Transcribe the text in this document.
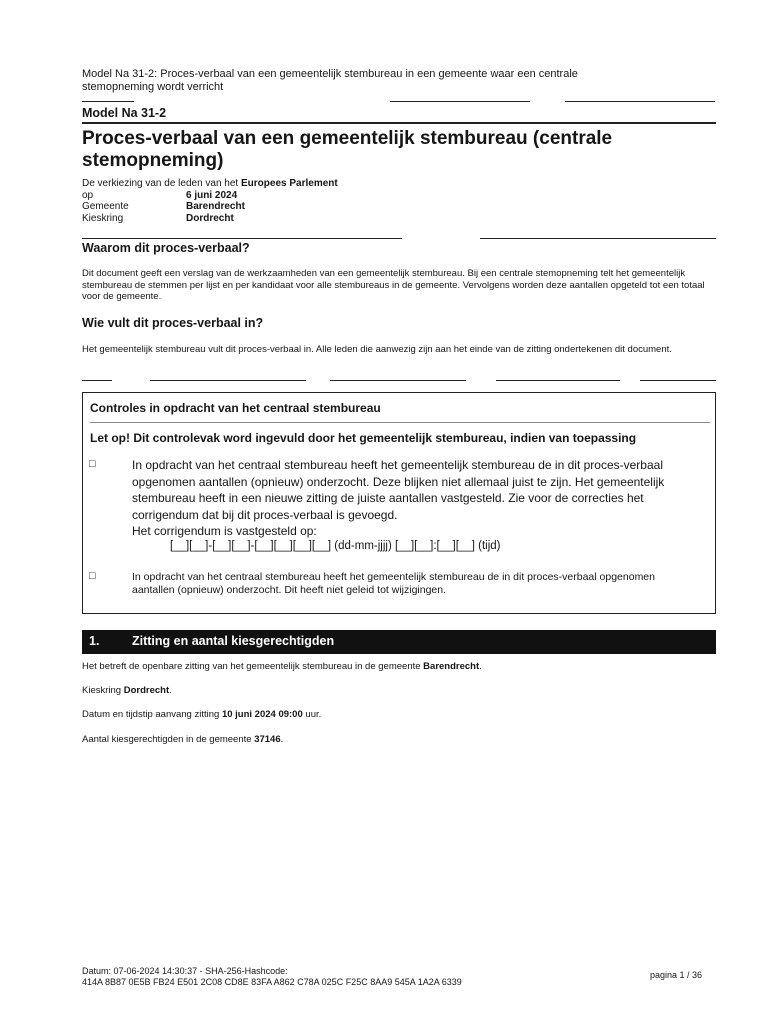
Model Na 31-2: Proces-verbaal van een gemeentelijk stembureau in een gemeente waar een centrale
stemopneming wordt verricht
Model Na 31-2
Proces-verbaal van een gemeentelijk stembureau (centrale stemopneming)
De verkiezing van de leden van het Europees Parlement
op	6 juni 2024
Gemeente	Barendrecht
Kieskring	Dordrecht
Waarom dit proces-verbaal?
Dit document geeft een verslag van de werkzaamheden van een gemeentelijk stembureau. Bij een centrale stemopneming telt het gemeentelijk stembureau de stemmen per lijst en per kandidaat voor alle stembureaus in de gemeente. Vervolgens worden deze aantallen opgeteld tot een totaal voor de gemeente.
Wie vult dit proces-verbaal in?
Het gemeentelijk stembureau vult dit proces-verbaal in. Alle leden die aanwezig zijn aan het einde van de zitting ondertekenen dit document.
Controles in opdracht van het centraal stembureau
Let op! Dit controlevak word ingevuld door het gemeentelijk stembureau, indien van toepassing
□	In opdracht van het centraal stembureau heeft het gemeentelijk stembureau de in dit proces-verbaal opgenomen aantallen (opnieuw) onderzocht. Deze blijken niet allemaal juist te zijn. Het gemeentelijk stembureau heeft in een nieuwe zitting de juiste aantallen vastgesteld. Zie voor de correcties het corrigendum dat bij dit proces-verbaal is gevoegd.
Het corrigendum is vastgesteld op:
[__][__]-[__][__]-[__][__][__][__] (dd-mm-jjjj) [__][__]:[__][__] (tijd)
□	In opdracht van het centraal stembureau heeft het gemeentelijk stembureau de in dit proces-verbaal opgenomen aantallen (opnieuw) onderzocht. Dit heeft niet geleid tot wijzigingen.
1.	Zitting en aantal kiesgerechtigden
Het betreft de openbare zitting van het gemeentelijk stembureau in de gemeente Barendrecht.
Kieskring Dordrecht.
Datum en tijdstip aanvang zitting 10 juni 2024 09:00 uur.
Aantal kiesgerechtigden in de gemeente 37146.
Datum: 07-06-2024 14:30:37 - SHA-256-Hashcode:
414A 8B87 0E5B FB24 E501 2C08 CD8E 83FA A862 C78A 025C F25C 8AA9 545A 1A2A 6339
pagina 1 / 36
